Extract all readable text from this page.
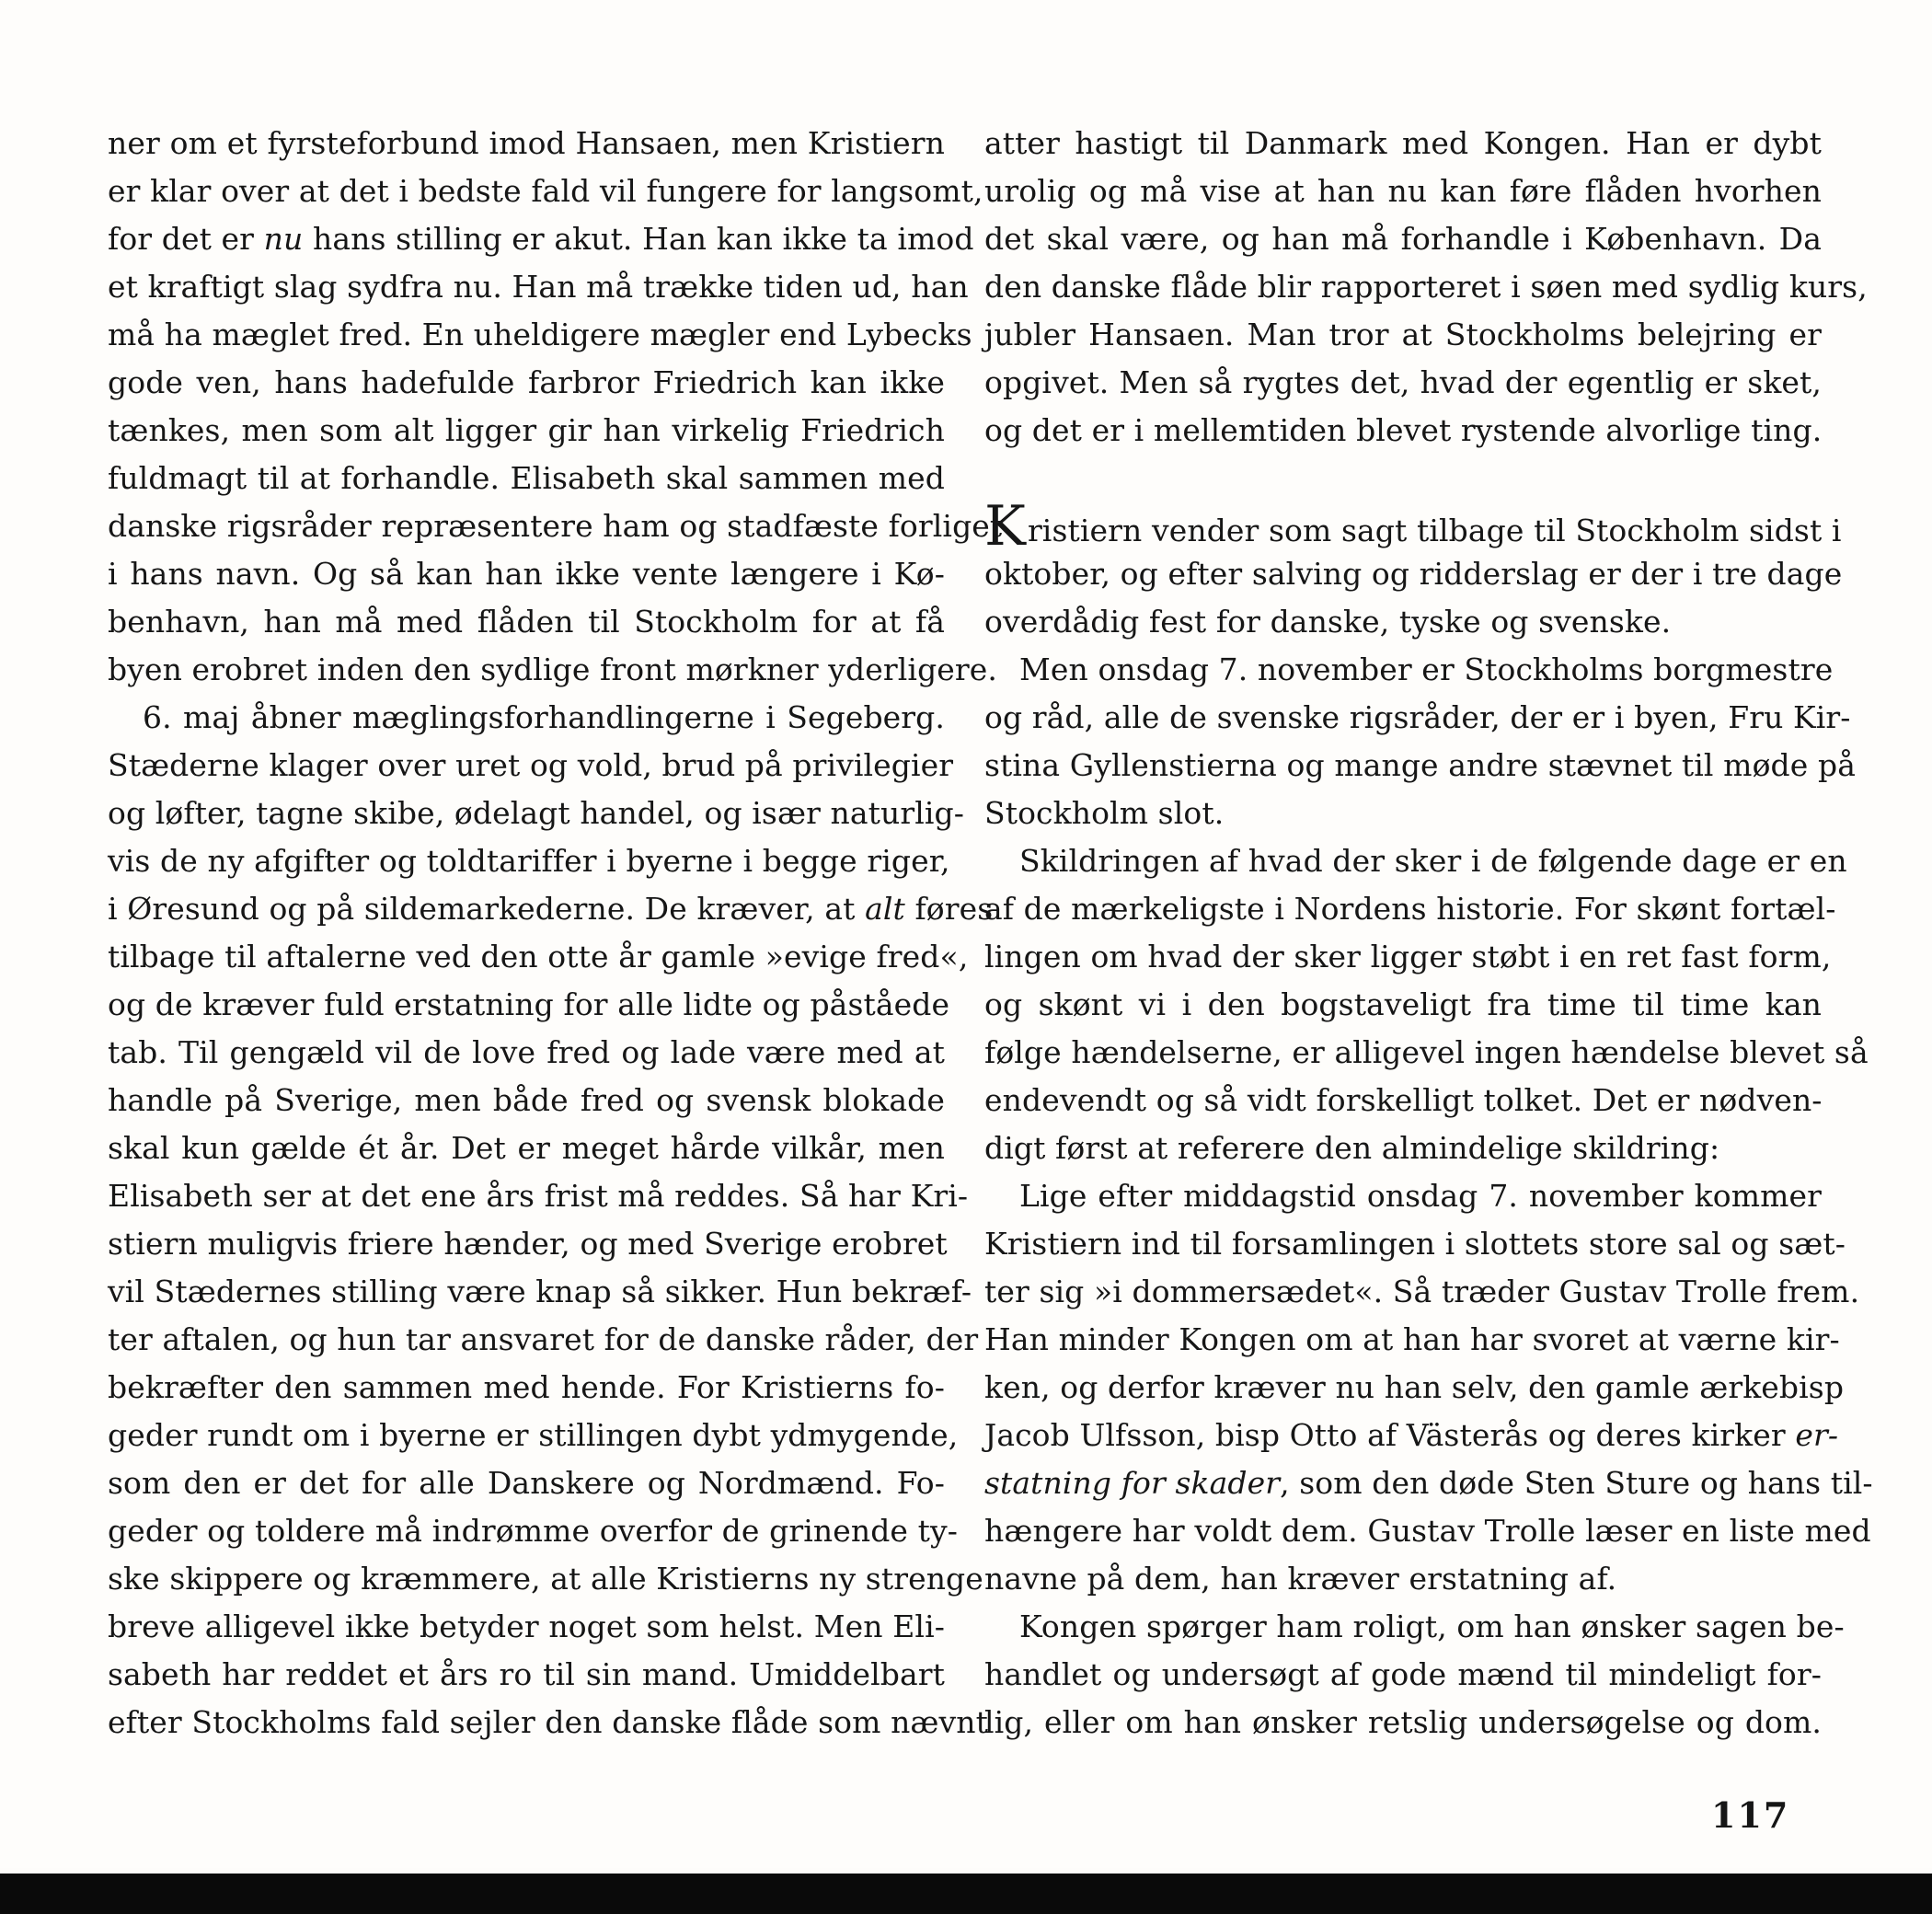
ner om et fyrsteforbund imod Hansaen, men Kristiern
er klar over at det i bedste fald vil fungere for langsomt,
for det er nu hans stilling er akut. Han kan ikke ta imod
et kraftigt slag sydfra nu. Han må trække tiden ud, han
må ha mæglet fred. En uheldigere mægler end Lybecks
gode ven, hans hadefulde farbror Friedrich kan ikke
tænkes, men som alt ligger gir han virkelig Friedrich
fuldmagt til at forhandle. Elisabeth skal sammen med
danske rigsråder repræsentere ham og stadfæste forliget
i hans navn. Og så kan han ikke vente længere i Kø-
benhavn, han må med flåden til Stockholm for at få
byen erobret inden den sydlige front mørkner yderligere.
6. maj åbner mæglingsforhandlingerne i Segeberg.
Stæderne klager over uret og vold, brud på privilegier
og løfter, tagne skibe, ødelagt handel, og især naturlig-
vis de ny afgifter og toldtariffer i byerne i begge riger,
i Øresund og på sildemarkederne. De kræver, at alt føres
tilbage til aftalerne ved den otte år gamle »evige fred«,
og de kræver fuld erstatning for alle lidte og påståede
tab. Til gengæld vil de love fred og lade være med at
handle på Sverige, men både fred og svensk blokade
skal kun gælde ét år. Det er meget hårde vilkår, men
Elisabeth ser at det ene års frist må reddes. Så har Kri-
stiern muligvis friere hænder, og med Sverige erobret
vil Stædernes stilling være knap så sikker. Hun bekræf-
ter aftalen, og hun tar ansvaret for de danske råder, der
bekræfter den sammen med hende. For Kristierns fo-
geder rundt om i byerne er stillingen dybt ydmygende,
som den er det for alle Danskere og Nordmænd. Fo-
geder og toldere må indrømme overfor de grinende ty-
ske skippere og kræmmere, at alle Kristierns ny strenge
breve alligevel ikke betyder noget som helst. Men Eli-
sabeth har reddet et års ro til sin mand. Umiddelbart
efter Stockholms fald sejler den danske flåde som nævnt
atter hastigt til Danmark med Kongen. Han er dybt
urolig og må vise at han nu kan føre flåden hvorhen
det skal være, og han må forhandle i København. Da
den danske flåde blir rapporteret i søen med sydlig kurs,
jubler Hansaen. Man tror at Stockholms belejring er
opgivet. Men så rygtes det, hvad der egentlig er sket,
og det er i mellemtiden blevet rystende alvorlige ting.
Kristiern vender som sagt tilbage til Stockholm sidst i
oktober, og efter salving og ridderslag er der i tre dage
overdådig fest for danske, tyske og svenske.
Men onsdag 7. november er Stockholms borgmestre
og råd, alle de svenske rigsråder, der er i byen, Fru Kir-
stina Gyllenstierna og mange andre stævnet til møde på
Stockholm slot.
Skildringen af hvad der sker i de følgende dage er en
af de mærkeligste i Nordens historie. For skønt fortæl-
lingen om hvad der sker ligger støbt i en ret fast form,
og skønt vi i den bogstaveligt fra time til time kan
følge hændelserne, er alligevel ingen hændelse blevet så
endevendt og så vidt forskelligt tolket. Det er nødven-
digt først at referere den almindelige skildring:
Lige efter middagstid onsdag 7. november kommer
Kristiern ind til forsamlingen i slottets store sal og sæt-
ter sig »i dommersædet«. Så træder Gustav Trolle frem.
Han minder Kongen om at han har svoret at værne kir-
ken, og derfor kræver nu han selv, den gamle ærkebisp
Jacob Ulfsson, bisp Otto af Västerås og deres kirker er-
statning for skader, som den døde Sten Sture og hans til-
hængere har voldt dem. Gustav Trolle læser en liste med
navne på dem, han kræver erstatning af.
Kongen spørger ham roligt, om han ønsker sagen be-
handlet og undersøgt af gode mænd til mindeligt for-
lig, eller om han ønsker retslig undersøgelse og dom.
117
